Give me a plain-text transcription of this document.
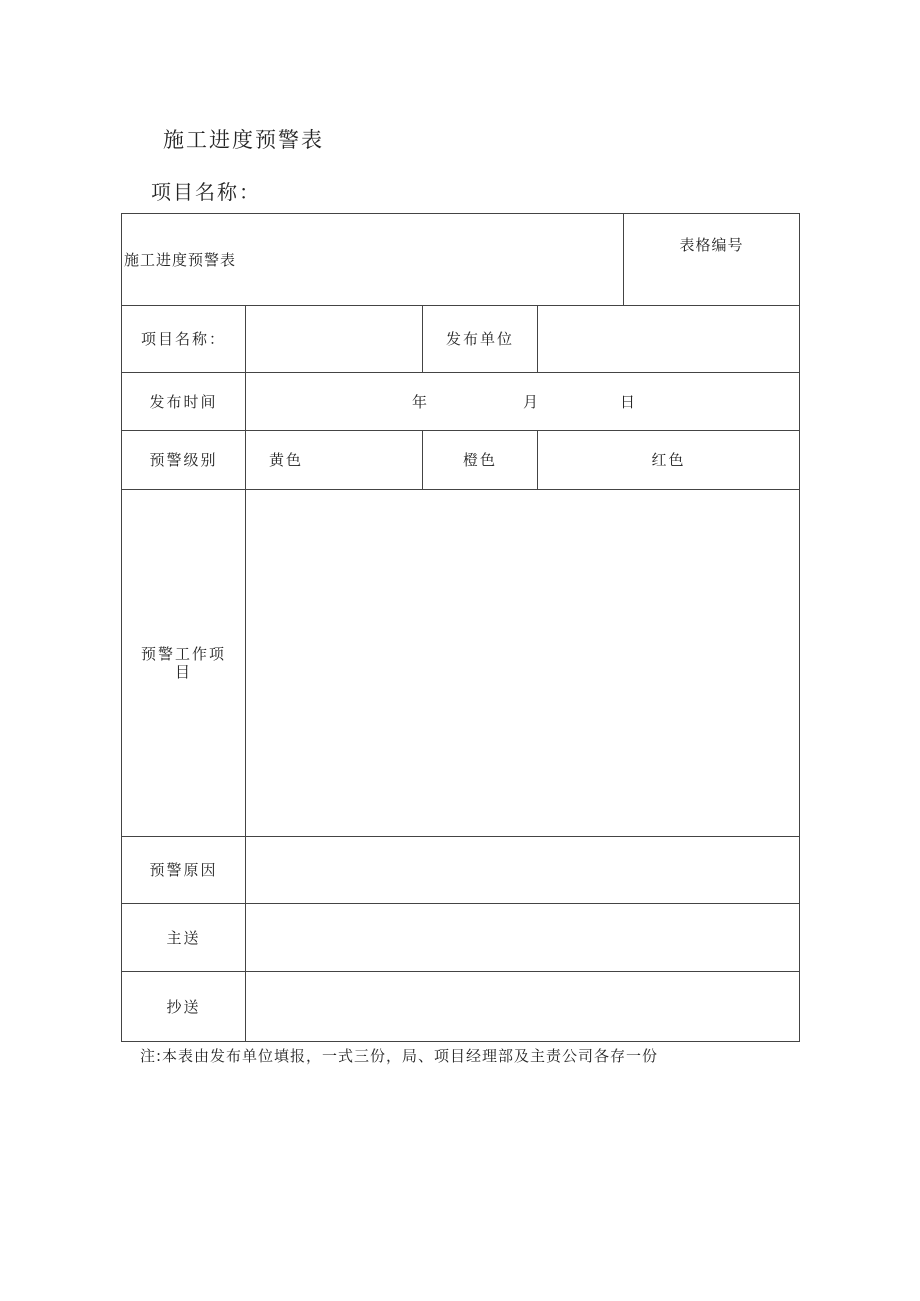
施工进度预警表
项目名称：
施工进度预警表				表格编号
项目名称：		发布单位		
发布时间	年 月 日			

预警级别	黄色	橙色	红色	

预警工作项
目				

预警原因				
主送				
抄送				
注:本表由发布单位填报，一式三份，局、项目经理部及主责公司各存一份
